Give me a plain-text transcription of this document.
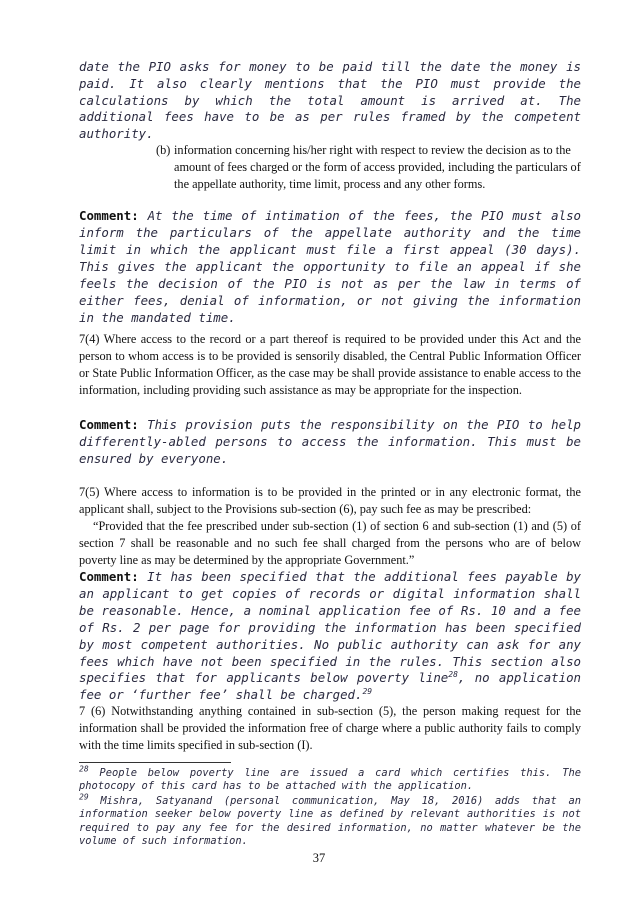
date the PIO asks for money to be paid till the date the money is paid. It also clearly mentions that the PIO must provide the calculations by which the total amount is arrived at. The additional fees have to be as per rules framed by the competent authority.

(b) information concerning his/her right with respect to review the decision as to the amount of fees charged or the form of access provided, including the particulars of the appellate authority, time limit, process and any other forms.

Comment: At the time of intimation of the fees, the PIO must also inform the particulars of the appellate authority and the time limit in which the applicant must file a first appeal (30 days). This gives the applicant the opportunity to file an appeal if she feels the decision of the PIO is not as per the law in terms of either fees, denial of information, or not giving the information in the mandated time.

7(4) Where access to the record or a part thereof is required to be provided under this Act and the person to whom access is to be provided is sensorily disabled, the Central Public Information Officer or State Public Information Officer, as the case may be shall provide assistance to enable access to the information, including providing such assistance as may be appropriate for the inspection.

Comment: This provision puts the responsibility on the PIO to help differently-abled persons to access the information. This must be ensured by everyone.

7(5) Where access to information is to be provided in the printed or in any electronic format, the applicant shall, subject to the Provisions sub-section (6), pay such fee as may be prescribed:

“Provided that the fee prescribed under sub-section (1) of section 6 and sub-section (1) and (5) of section 7 shall be reasonable and no such fee shall charged from the persons who are of below poverty line as may be determined by the appropriate Government.”

Comment: It has been specified that the additional fees payable by an applicant to get copies of records or digital information shall be reasonable. Hence, a nominal application fee of Rs. 10 and a fee of Rs. 2 per page for providing the information has been specified by most competent authorities. No public authority can ask for any fees which have not been specified in the rules. This section also specifies that for applicants below poverty line$^{28}$, no application fee or ‘further fee’ shall be charged.$^{29}$

7 (6) Notwithstanding anything contained in sub-section (5), the person making request for the information shall be provided the information free of charge where a public authority fails to comply with the time limits specified in sub-section (I).

$^{28}$ People below poverty line are issued a card which certifies this. The photocopy of this card has to be attached with the application.

$^{29}$ Mishra, Satyanand (personal communication, May 18, 2016) adds that an information seeker below poverty line as defined by relevant authorities is not required to pay any fee for the desired information, no matter whatever be the volume of such information.

37
